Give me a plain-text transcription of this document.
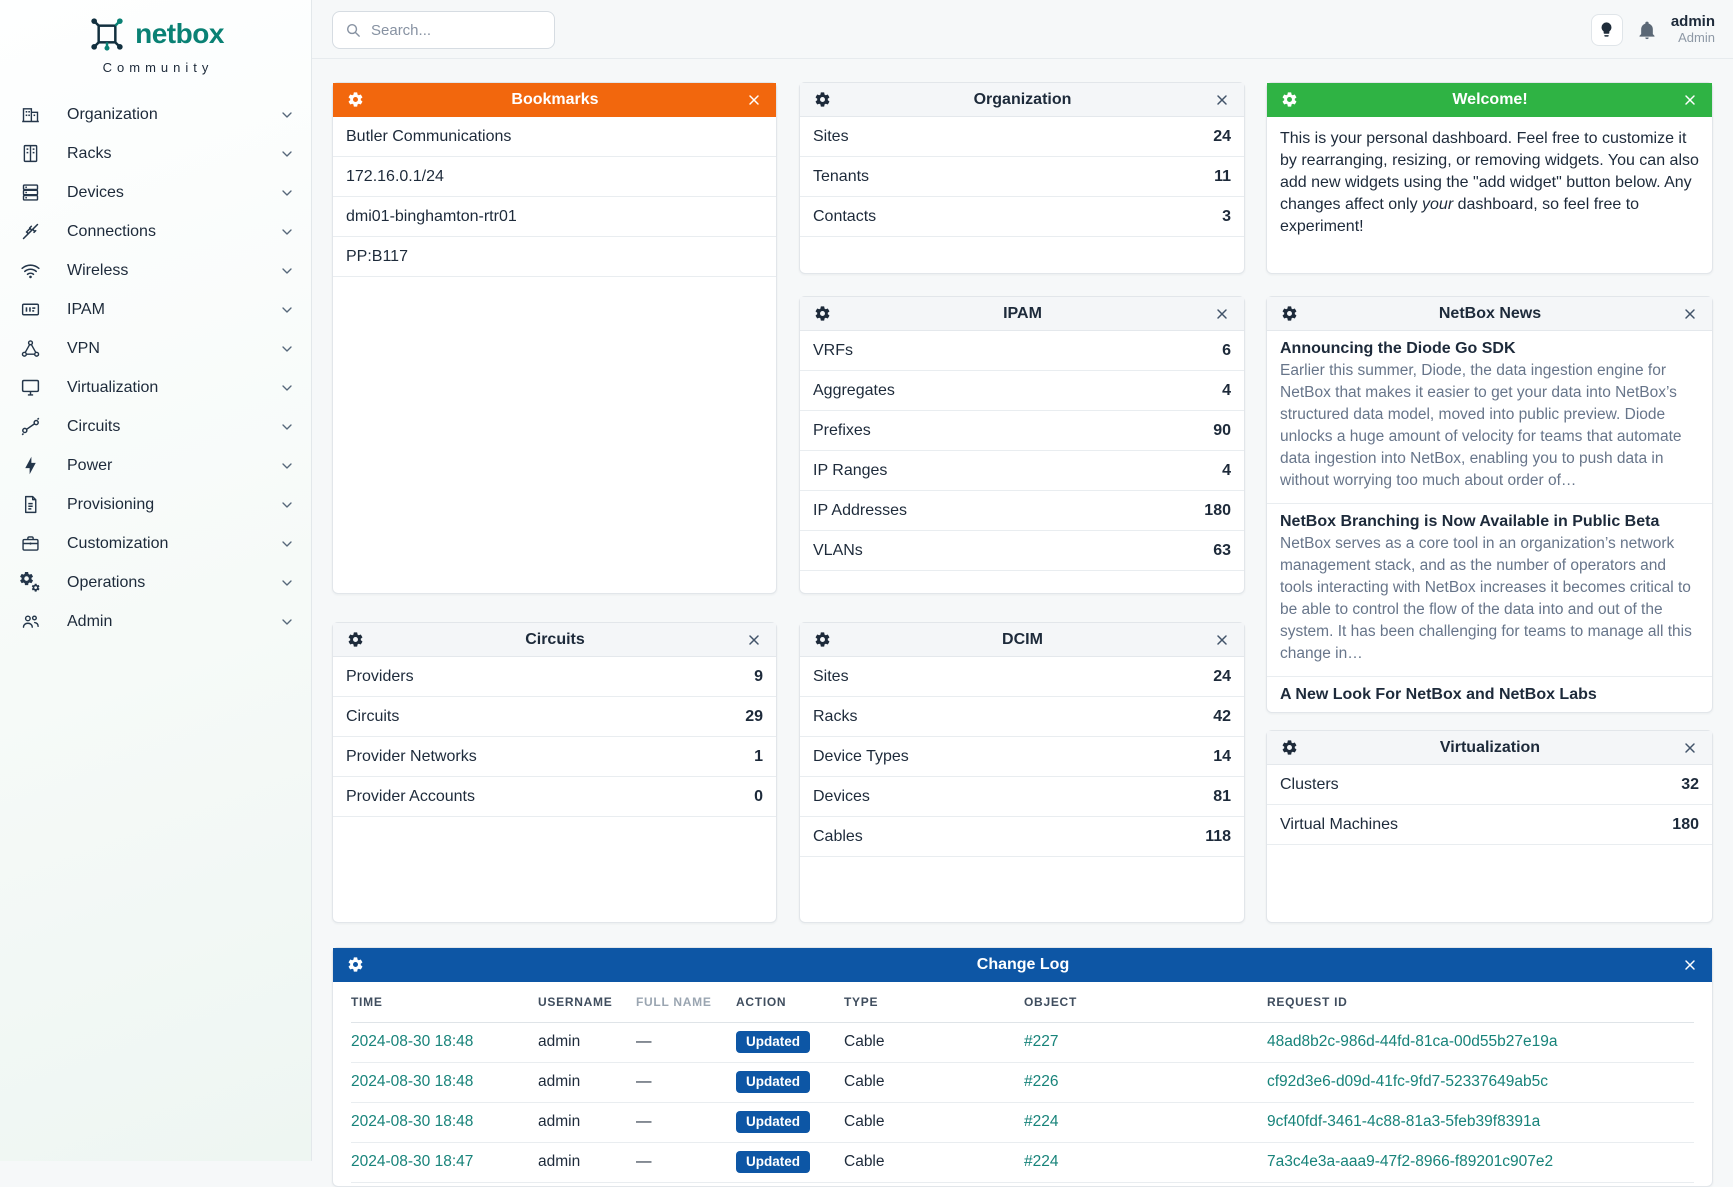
netbox
Community
Organization
Racks
Devices
Connections
Wireless
IPAM
VPN
Virtualization
Circuits
Power
Provisioning
Customization
Operations
Admin
Search...
admin
Admin
Bookmarks
Butler Communications
172.16.0.1/24
dmi01-binghamton-rtr01
PP:B117
Organization
Sites	24
Tenants	11
Contacts	3
Welcome!
This is your personal dashboard. Feel free to customize it by rearranging, resizing, or removing widgets. You can also add new widgets using the "add widget" button below. Any changes affect only your dashboard, so feel free to experiment!
IPAM
VRFs	6
Aggregates	4
Prefixes	90
IP Ranges	4
IP Addresses	180
VLANs	63
NetBox News
Announcing the Diode Go SDK
Earlier this summer, Diode, the data ingestion engine for NetBox that makes it easier to get your data into NetBox’s structured data model, moved into public preview. Diode unlocks a huge amount of velocity for teams that automate data ingestion into NetBox, enabling you to push data in without worrying too much about order of…
NetBox Branching is Now Available in Public Beta
NetBox serves as a core tool in an organization’s network management stack, and as the number of operators and tools interacting with NetBox increases it becomes critical to be able to control the flow of the data into and out of the system. It has been challenging for teams to manage all this change in…
A New Look For NetBox and NetBox Labs
Circuits
Providers	9
Circuits	29
Provider Networks	1
Provider Accounts	0
DCIM
Sites	24
Racks	42
Device Types	14
Devices	81
Cables	118
Virtualization
Clusters	32
Virtual Machines	180
Change Log
TIME	USERNAME	FULL NAME	ACTION	TYPE	OBJECT	REQUEST ID
2024-08-30 18:48	admin	—	Updated	Cable	#227	48ad8b2c-986d-44fd-81ca-00d55b27e19a
2024-08-30 18:48	admin	—	Updated	Cable	#226	cf92d3e6-d09d-41fc-9fd7-52337649ab5c
2024-08-30 18:48	admin	—	Updated	Cable	#224	9cf40fdf-3461-4c88-81a3-5feb39f8391a
2024-08-30 18:47	admin	—	Updated	Cable	#224	7a3c4e3a-aaa9-47f2-8966-f89201c907e2
